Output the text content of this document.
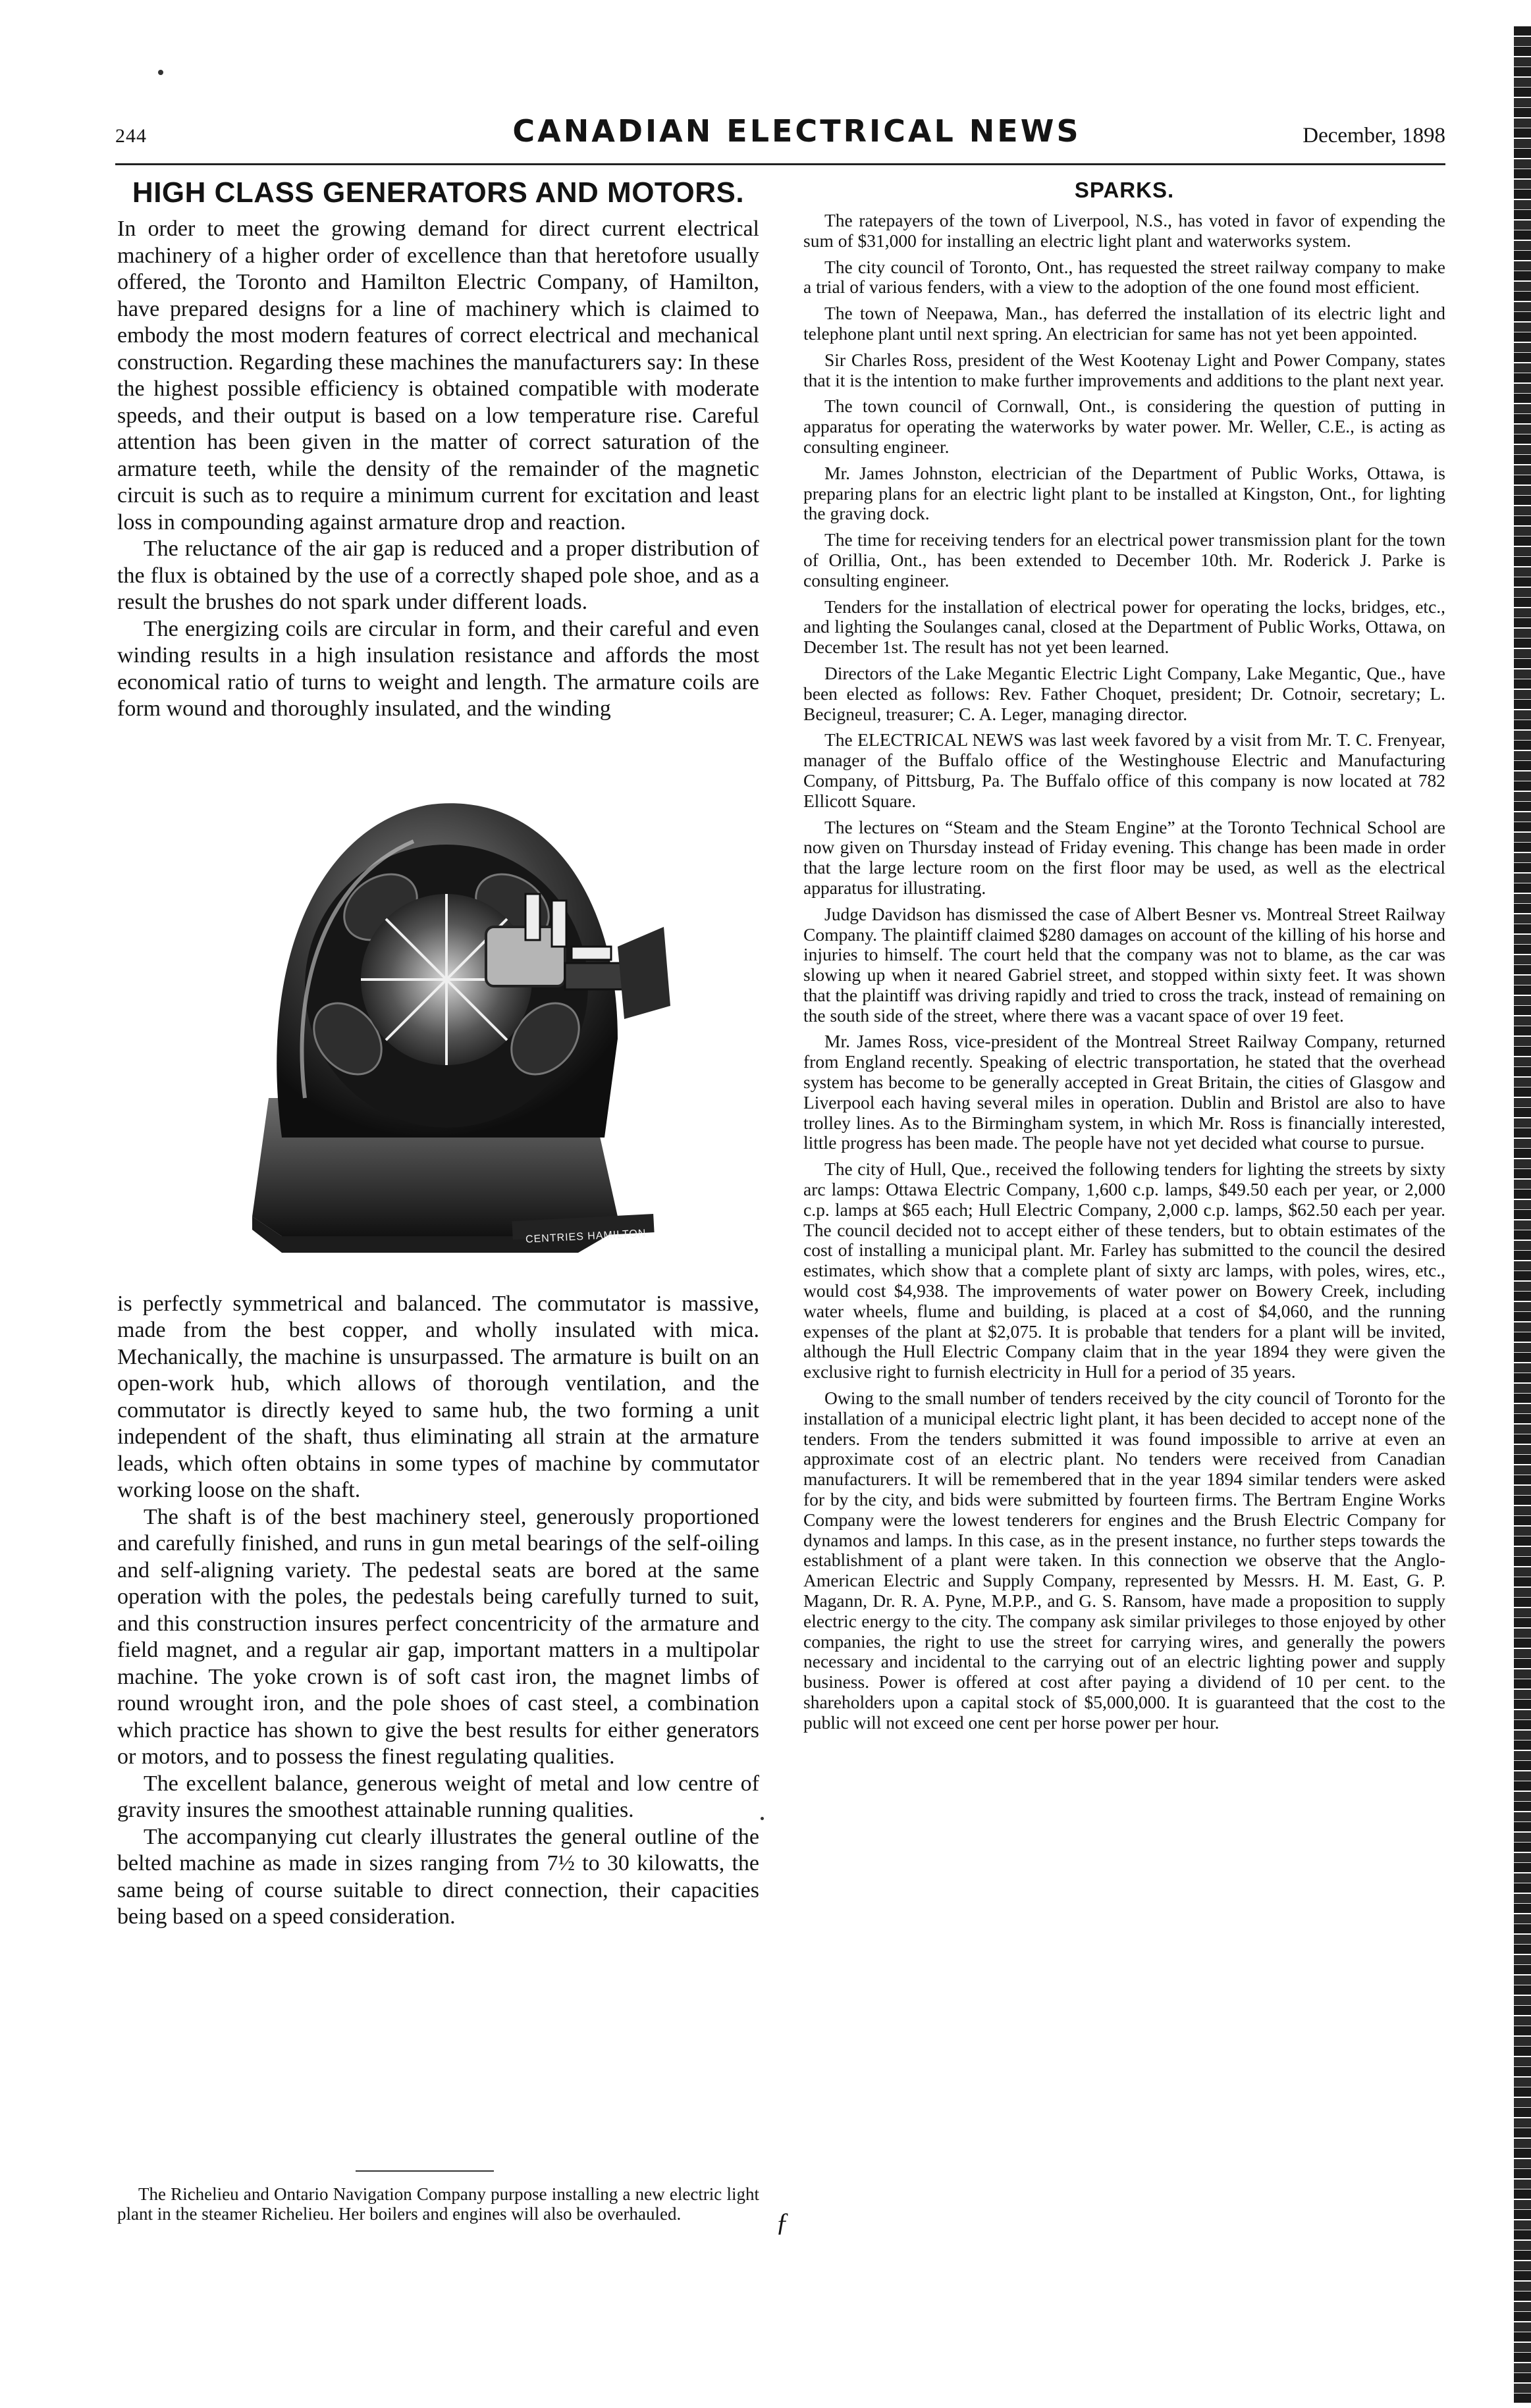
244	CANADIAN ELECTRICAL NEWS	December, 1898
HIGH CLASS GENERATORS AND MOTORS.

In order to meet the growing demand for direct current electrical machinery of a higher order of excellence than that heretofore usually offered, the Toronto and Hamilton Electric Company, of Hamilton, have prepared designs for a line of machinery which is claimed to embody the most modern features of correct electrical and mechanical construction. Regarding these machines the manufacturers say: In these the highest possible efficiency is obtained compatible with moderate speeds, and their output is based on a low temperature rise. Careful attention has been given in the matter of correct saturation of the armature teeth, while the density of the remainder of the magnetic circuit is such as to require a minimum current for excitation and least loss in compounding against armature drop and reaction.

The reluctance of the air gap is reduced and a proper distribution of the flux is obtained by the use of a correctly shaped pole shoe, and as a result the brushes do not spark under different loads.

The energizing coils are circular in form, and their careful and even winding results in a high insulation resistance and affords the most economical ratio of turns to weight and length. The armature coils are form wound and thoroughly insulated, and the winding

CENTRIES HAMILTON

is perfectly symmetrical and balanced. The commutator is massive, made from the best copper, and wholly insulated with mica. Mechanically, the machine is unsurpassed. The armature is built on an open-work hub, which allows of thorough ventilation, and the commutator is directly keyed to same hub, the two forming a unit independent of the shaft, thus eliminating all strain at the armature leads, which often obtains in some types of machine by commutator working loose on the shaft.

The shaft is of the best machinery steel, generously proportioned and carefully finished, and runs in gun metal bearings of the self-oiling and self-aligning variety. The pedestal seats are bored at the same operation with the poles, the pedestals being carefully turned to suit, and this construction insures perfect concentricity of the armature and field magnet, and a regular air gap, important matters in a multipolar machine. The yoke crown is of soft cast iron, the magnet limbs of round wrought iron, and the pole shoes of cast steel, a combination which practice has shown to give the best results for either generators or motors, and to possess the finest regulating qualities.

The excellent balance, generous weight of metal and low centre of gravity insures the smoothest attainable running qualities.

The accompanying cut clearly illustrates the general outline of the belted machine as made in sizes ranging from 7½ to 30 kilowatts, the same being of course suitable to direct connection, their capacities being based on a speed consideration.

The Richelieu and Ontario Navigation Company purpose installing a new electric light plant in the steamer Richelieu. Her boilers and engines will also be overhauled.	ƒ
SPARKS.

The ratepayers of the town of Liverpool, N.S., has voted in favor of expending the sum of $31,000 for installing an electric light plant and waterworks system.

The city council of Toronto, Ont., has requested the street railway company to make a trial of various fenders, with a view to the adoption of the one found most efficient.

The town of Neepawa, Man., has deferred the installation of its electric light and telephone plant until next spring. An electrician for same has not yet been appointed.

Sir Charles Ross, president of the West Kootenay Light and Power Company, states that it is the intention to make further improvements and additions to the plant next year.

The town council of Cornwall, Ont., is considering the question of putting in apparatus for operating the waterworks by water power. Mr. Weller, C.E., is acting as consulting engineer.

Mr. James Johnston, electrician of the Department of Public Works, Ottawa, is preparing plans for an electric light plant to be installed at Kingston, Ont., for lighting the graving dock.

The time for receiving tenders for an electrical power transmission plant for the town of Orillia, Ont., has been extended to December 10th. Mr. Roderick J. Parke is consulting engineer.

Tenders for the installation of electrical power for operating the locks, bridges, etc., and lighting the Soulanges canal, closed at the Department of Public Works, Ottawa, on December 1st. The result has not yet been learned.

Directors of the Lake Megantic Electric Light Company, Lake Megantic, Que., have been elected as follows: Rev. Father Choquet, president; Dr. Cotnoir, secretary; L. Becigneul, treasurer; C. A. Leger, managing director.

The ELECTRICAL NEWS was last week favored by a visit from Mr. T. C. Frenyear, manager of the Buffalo office of the Westinghouse Electric and Manufacturing Company, of Pittsburg, Pa. The Buffalo office of this company is now located at 782 Ellicott Square.

The lectures on “Steam and the Steam Engine” at the Toronto Technical School are now given on Thursday instead of Friday evening. This change has been made in order that the large lecture room on the first floor may be used, as well as the electrical apparatus for illustrating.

Judge Davidson has dismissed the case of Albert Besner vs. Montreal Street Railway Company. The plaintiff claimed $280 damages on account of the killing of his horse and injuries to himself. The court held that the company was not to blame, as the car was slowing up when it neared Gabriel street, and stopped within sixty feet. It was shown that the plaintiff was driving rapidly and tried to cross the track, instead of remaining on the south side of the street, where there was a vacant space of over 19 feet.

Mr. James Ross, vice-president of the Montreal Street Railway Company, returned from England recently. Speaking of electric transportation, he stated that the overhead system has become to be generally accepted in Great Britain, the cities of Glasgow and Liverpool each having several miles in operation. Dublin and Bristol are also to have trolley lines. As to the Birmingham system, in which Mr. Ross is financially interested, little progress has been made. The people have not yet decided what course to pursue.

The city of Hull, Que., received the following tenders for lighting the streets by sixty arc lamps: Ottawa Electric Company, 1,600 c.p. lamps, $49.50 each per year, or 2,000 c.p. lamps at $65 each; Hull Electric Company, 2,000 c.p. lamps, $62.50 each per year. The council decided not to accept either of these tenders, but to obtain estimates of the cost of installing a municipal plant. Mr. Farley has submitted to the council the desired estimates, which show that a complete plant of sixty arc lamps, with poles, wires, etc., would cost $4,938. The improvements of water power on Bowery Creek, including water wheels, flume and building, is placed at a cost of $4,060, and the running expenses of the plant at $2,075. It is probable that tenders for a plant will be invited, although the Hull Electric Company claim that in the year 1894 they were given the exclusive right to furnish electricity in Hull for a period of 35 years.

Owing to the small number of tenders received by the city council of Toronto for the installation of a municipal electric light plant, it has been decided to accept none of the tenders. From the tenders submitted it was found impossible to arrive at even an approximate cost of an electric plant. No tenders were received from Canadian manufacturers. It will be remembered that in the year 1894 similar tenders were asked for by the city, and bids were submitted by fourteen firms. The Bertram Engine Works Company were the lowest tenderers for engines and the Brush Electric Company for dynamos and lamps. In this case, as in the present instance, no further steps towards the establishment of a plant were taken. In this connection we observe that the Anglo-American Electric and Supply Company, represented by Messrs. H. M. East, G. P. Magann, Dr. R. A. Pyne, M.P.P., and G. S. Ransom, have made a proposition to supply electric energy to the city. The company ask similar privileges to those enjoyed by other companies, the right to use the street for carrying wires, and generally the powers necessary and incidental to the carrying out of an electric lighting power and supply business. Power is offered at cost after paying a dividend of 10 per cent. to the shareholders upon a capital stock of $5,000,000. It is guaranteed that the cost to the public will not exceed one cent per horse power per hour.
